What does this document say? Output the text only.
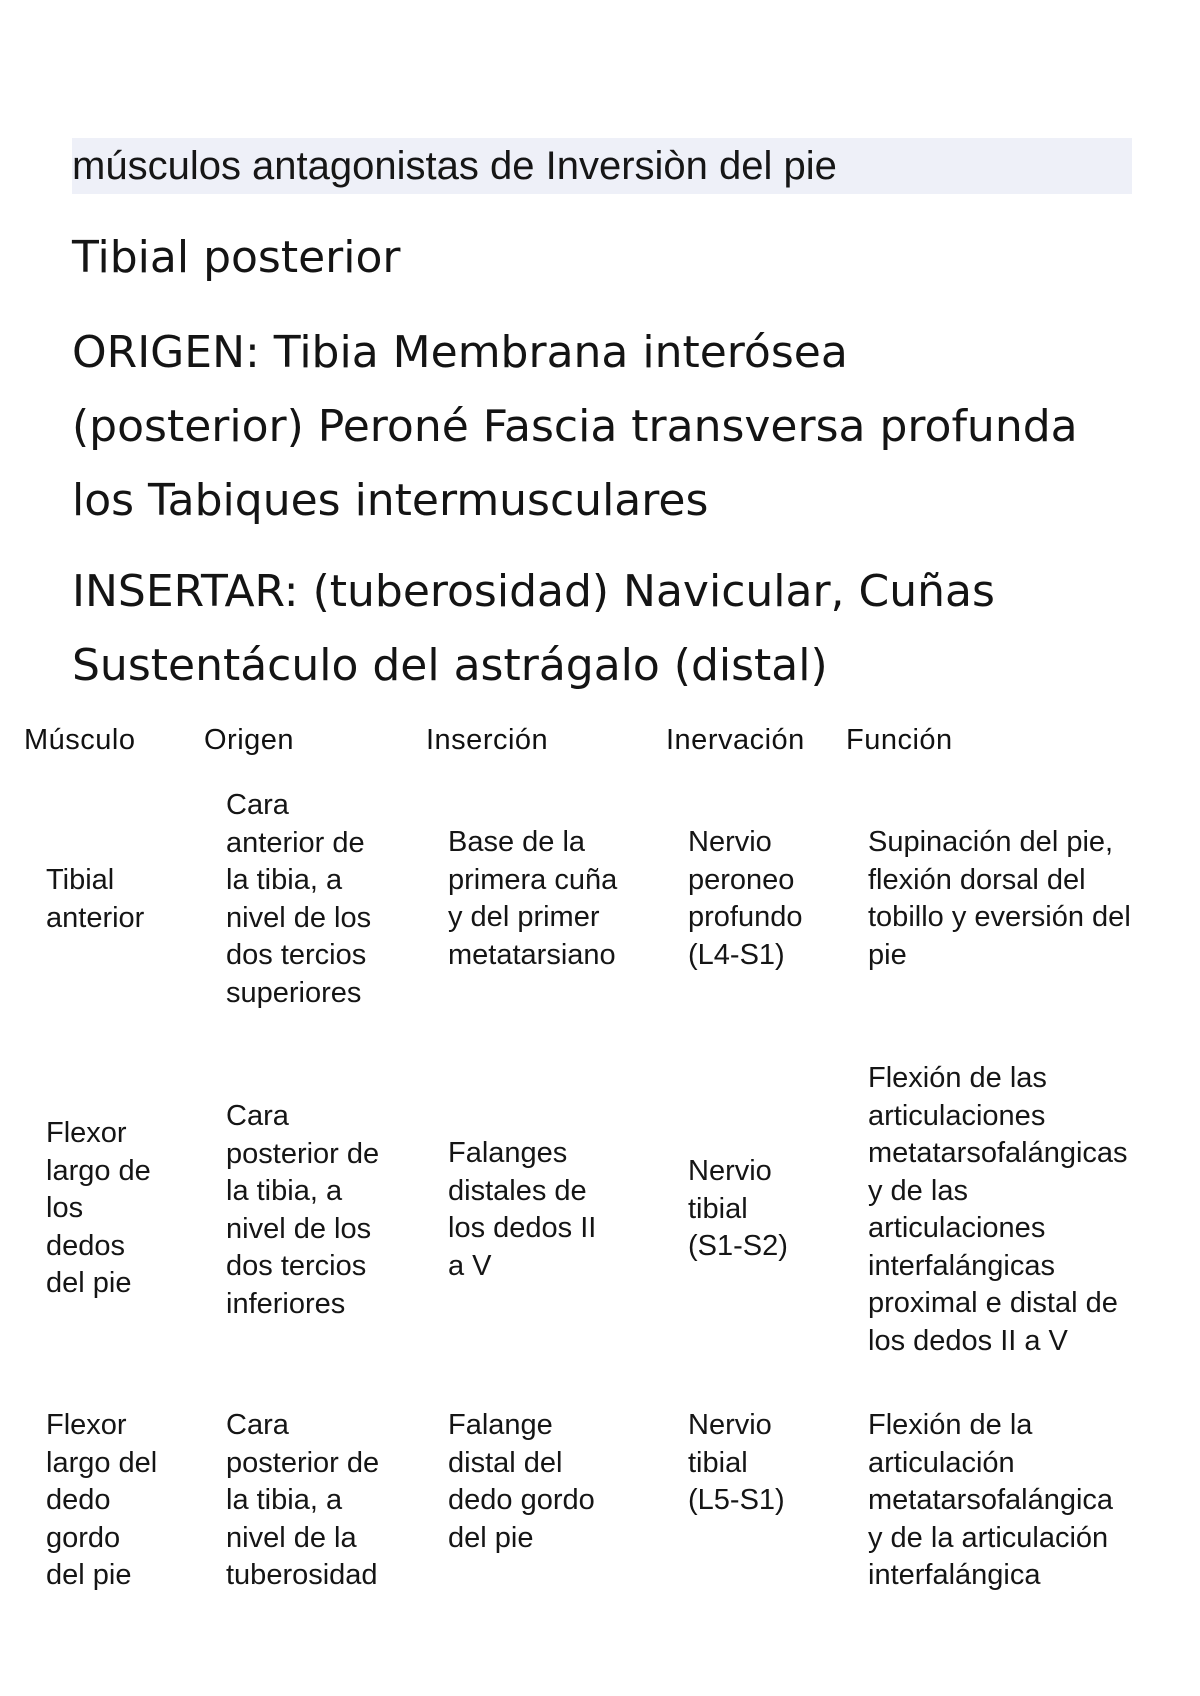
músculos antagonistas de Inversiòn del pie
Tibial posterior
ORIGEN: Tibia Membrana interósea
(posterior) Peroné Fascia transversa profunda
los Tabiques intermusculares
INSERTAR: (tuberosidad) Navicular, Cuñas
Sustentáculo del astrágalo (distal)
Músculo Origen	Inserción	Inervación Función
Tibial
anterior
Cara
anterior de
la tibia, a
nivel de los
dos tercios
superiores
Base de la
primera cuña
y del primer
metatarsiano
Nervio
peroneo
profundo
(L4-S1)
Supinación del pie,
flexión dorsal del
tobillo y eversión del
pie
Flexor
largo de
los
dedos
del pie
Cara
posterior de
la tibia, a
nivel de los
dos tercios
inferiores
Falanges
distales de
los dedos II
a V
Nervio
tibial
(S1-S2)
Flexión de las
articulaciones
metatarsofalángicas
y de las
articulaciones
interfalángicas
proximal e distal de
los dedos II a V
Flexor
largo del
dedo
gordo
del pie
Cara
posterior de
la tibia, a
nivel de la
tuberosidad
Falange
distal del
dedo gordo
del pie
Nervio
tibial
(L5-S1)
Flexión de la
articulación
metatarsofalángica
y de la articulación
interfalángica
